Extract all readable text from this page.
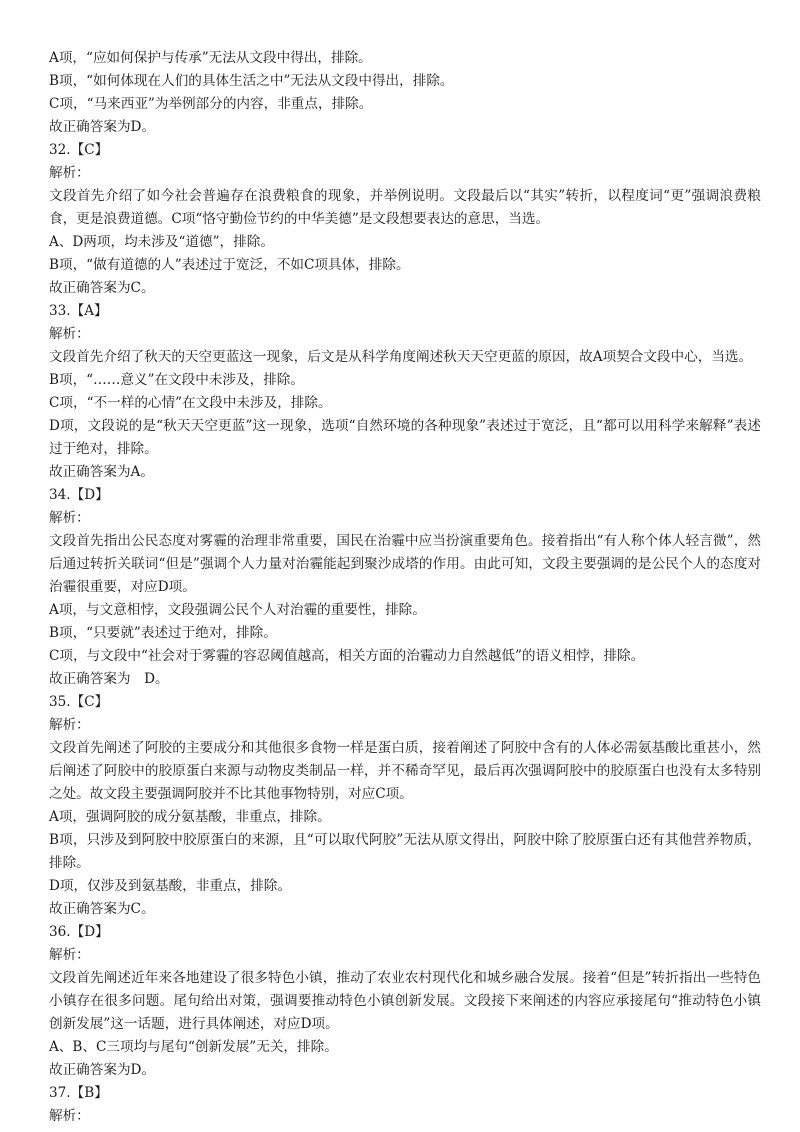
A项，“应如何保护与传承”无法从文段中得出，排除。

B项，“如何体现在人们的具体生活之中”无法从文段中得出，排除。

C项，“马来西亚”为举例部分的内容，非重点，排除。

故正确答案为D。

32.【C】

解析：

文段首先介绍了如今社会普遍存在浪费粮食的现象，并举例说明。文段最后以“其实”转折，以程度词“更”强调浪费粮食，更是浪费道德。C项“恪守勤俭节约的中华美德”是文段想要表达的意思，当选。

A、D两项，均未涉及“道德”，排除。

B项，“做有道德的人”表述过于宽泛，不如C项具体，排除。

故正确答案为C。

33.【A】

解析：

文段首先介绍了秋天的天空更蓝这一现象，后文是从科学角度阐述秋天天空更蓝的原因，故A项契合文段中心，当选。

B项，“……意义”在文段中未涉及，排除。

C项，“不一样的心情”在文段中未涉及，排除。

D项，文段说的是“秋天天空更蓝”这一现象，选项“自然环境的各种现象”表述过于宽泛，且“都可以用科学来解释”表述过于绝对，排除。

故正确答案为A。

34.【D】

解析：

文段首先指出公民态度对雾霾的治理非常重要，国民在治霾中应当扮演重要角色。接着指出“有人称个体人轻言微”，然后通过转折关联词“但是”强调个人力量对治霾能起到聚沙成塔的作用。由此可知，文段主要强调的是公民个人的态度对治霾很重要，对应D项。

A项，与文意相悖，文段强调公民个人对治霾的重要性，排除。

B项，“只要就”表述过于绝对，排除。

C项，与文段中“社会对于雾霾的容忍阈值越高，相关方面的治霾动力自然越低”的语义相悖，排除。

故正确答案为　D。

35.【C】

解析：

文段首先阐述了阿胶的主要成分和其他很多食物一样是蛋白质，接着阐述了阿胶中含有的人体必需氨基酸比重甚小，然后阐述了阿胶中的胶原蛋白来源与动物皮类制品一样，并不稀奇罕见，最后再次强调阿胶中的胶原蛋白也没有太多特别之处。故文段主要强调阿胶并不比其他事物特别，对应C项。

A项，强调阿胶的成分氨基酸，非重点，排除。

B项，只涉及到阿胶中胶原蛋白的来源，且“可以取代阿胶”无法从原文得出，阿胶中除了胶原蛋白还有其他营养物质，排除。

D项，仅涉及到氨基酸，非重点，排除。

故正确答案为C。

36.【D】

解析：

文段首先阐述近年来各地建设了很多特色小镇，推动了农业农村现代化和城乡融合发展。接着“但是”转折指出一些特色小镇存在很多问题。尾句给出对策，强调要推动特色小镇创新发展。文段接下来阐述的内容应承接尾句“推动特色小镇创新发展”这一话题，进行具体阐述，对应D项。

A、B、C三项均与尾句“创新发展”无关，排除。

故正确答案为D。

37.【B】

解析：
